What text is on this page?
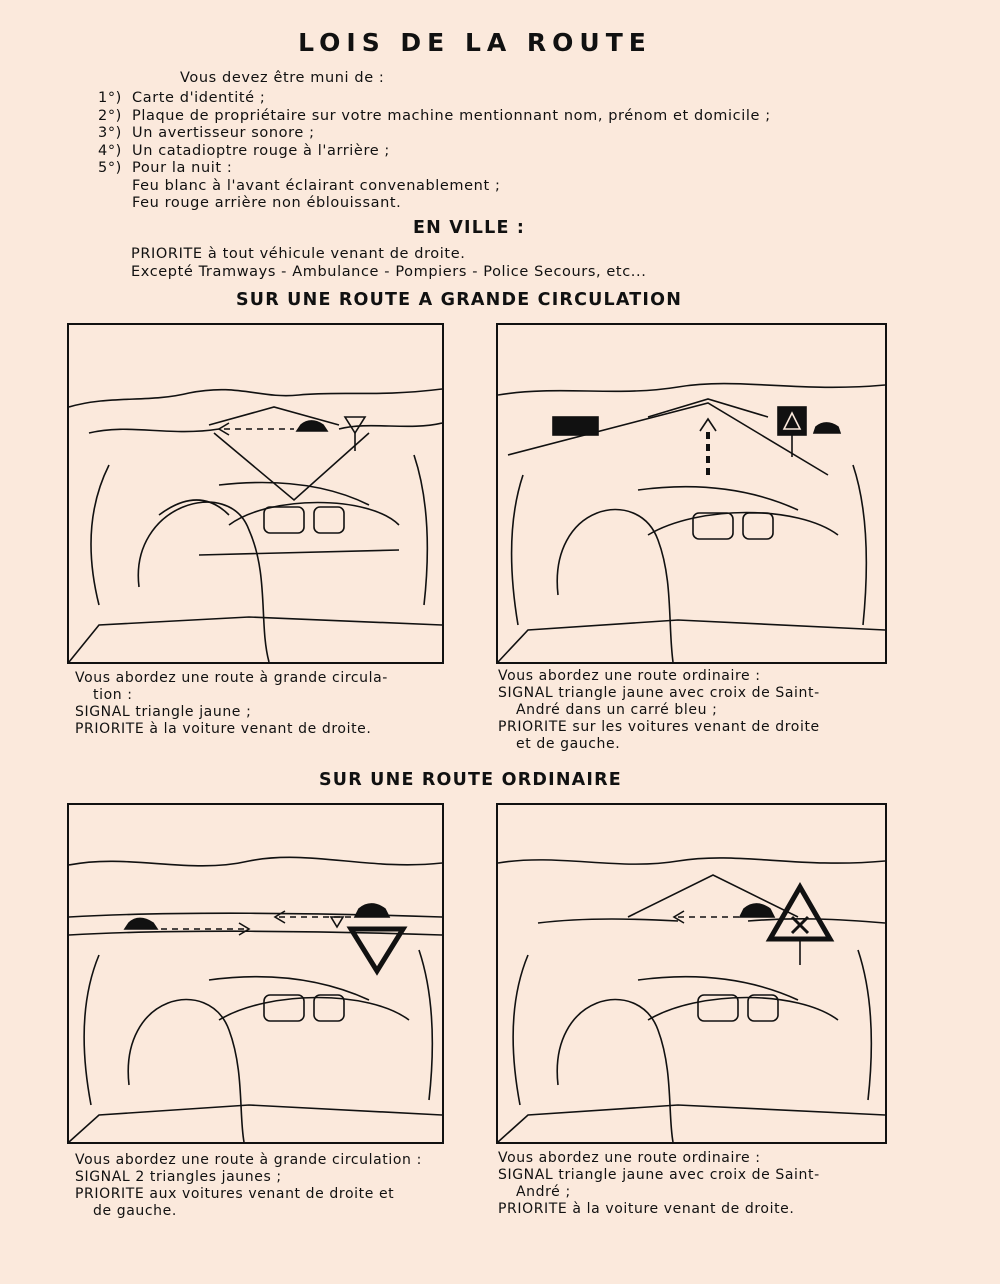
LOIS DE LA ROUTE
Vous devez être muni de :
1°) Carte d'identité ;
2°) Plaque de propriétaire sur votre machine mentionnant nom, prénom et domicile ;
3°) Un avertisseur sonore ;
4°) Un catadioptre rouge à l'arrière ;
5°) Pour la nuit :
Feu blanc à l'avant éclairant convenablement ;
Feu rouge arrière non éblouissant.
EN VILLE :
PRIORITE à tout véhicule venant de droite.
Excepté Tramways - Ambulance - Pompiers - Police Secours, etc...
SUR UNE ROUTE A GRANDE CIRCULATION
Vous abordez une route à grande circula-
tion :
SIGNAL triangle jaune ;
PRIORITE à la voiture venant de droite.
Vous abordez une route ordinaire :
SIGNAL triangle jaune avec croix de Saint-
André dans un carré bleu ;
PRIORITE sur les voitures venant de droite
et de gauche.
SUR UNE ROUTE ORDINAIRE
Vous abordez une route à grande circulation :
SIGNAL 2 triangles jaunes ;
PRIORITE aux voitures venant de droite et
de gauche.
Vous abordez une route ordinaire :
SIGNAL triangle jaune avec croix de Saint-
André ;
PRIORITE à la voiture venant de droite.
